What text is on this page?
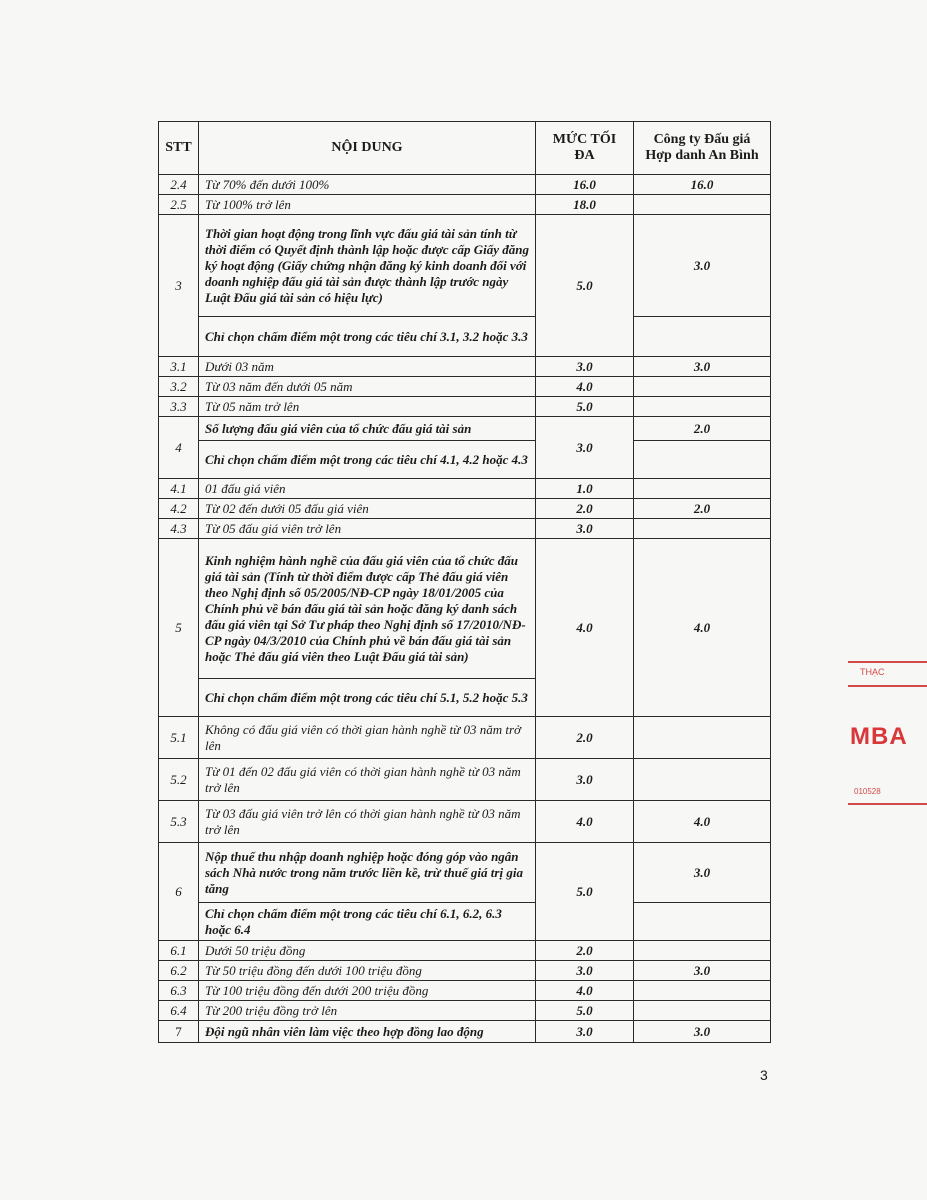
STT	NỘI DUNG	MỨC TỐI ĐA	Công ty Đấu giá Hợp danh An Bình
2.4	Từ 70% đến dưới 100%	16.0	16.0
2.5	Từ 100% trở lên	18.0	
3	Thời gian hoạt động trong lĩnh vực đấu giá tài sản tính từ thời điểm có Quyết định thành lập hoặc được cấp Giấy đăng ký hoạt động (Giấy chứng nhận đăng ký kinh doanh đối với doanh nghiệp đấu giá tài sản được thành lập trước ngày Luật Đấu giá tài sản có hiệu lực)	5.0	3.0
	Chỉ chọn chấm điểm một trong các tiêu chí 3.1, 3.2 hoặc 3.3		
3.1	Dưới 03 năm	3.0	3.0
3.2	Từ 03 năm đến dưới 05 năm	4.0	
3.3	Từ 05 năm trở lên	5.0	
4	Số lượng đấu giá viên của tổ chức đấu giá tài sản	3.0	2.0
	Chỉ chọn chấm điểm một trong các tiêu chí 4.1, 4.2 hoặc 4.3		
4.1	01 đấu giá viên	1.0	
4.2	Từ 02 đến dưới 05 đấu giá viên	2.0	2.0
4.3	Từ 05 đấu giá viên trở lên	3.0	
5	Kinh nghiệm hành nghề của đấu giá viên của tổ chức đấu giá tài sản (Tính từ thời điểm được cấp Thẻ đấu giá viên theo Nghị định số 05/2005/NĐ-CP ngày 18/01/2005 của Chính phủ về bán đấu giá tài sản hoặc đăng ký danh sách đấu giá viên tại Sở Tư pháp theo Nghị định số 17/2010/NĐ-CP ngày 04/3/2010 của Chính phủ về bán đấu giá tài sản hoặc Thẻ đấu giá viên theo Luật Đấu giá tài sản)	4.0	4.0
	Chỉ chọn chấm điểm một trong các tiêu chí 5.1, 5.2 hoặc 5.3		
5.1	Không có đấu giá viên có thời gian hành nghề từ 03 năm trở lên	2.0	
5.2	Từ 01 đến 02 đấu giá viên có thời gian hành nghề từ 03 năm trở lên	3.0	
5.3	Từ 03 đấu giá viên trở lên có thời gian hành nghề từ 03 năm trở lên	4.0	4.0
6	Nộp thuế thu nhập doanh nghiệp hoặc đóng góp vào ngân sách Nhà nước trong năm trước liền kề, trừ thuế giá trị gia tăng	5.0	3.0
	Chỉ chọn chấm điểm một trong các tiêu chí 6.1, 6.2, 6.3 hoặc 6.4		
6.1	Dưới 50 triệu đồng	2.0	
6.2	Từ 50 triệu đồng đến dưới 100 triệu đồng	3.0	3.0
6.3	Từ 100 triệu đồng đến dưới 200 triệu đồng	4.0	
6.4	Từ 200 triệu đồng trở lên	5.0	
7	Đội ngũ nhân viên làm việc theo hợp đồng lao động	3.0	3.0
3
THẠC
MBA
010528
